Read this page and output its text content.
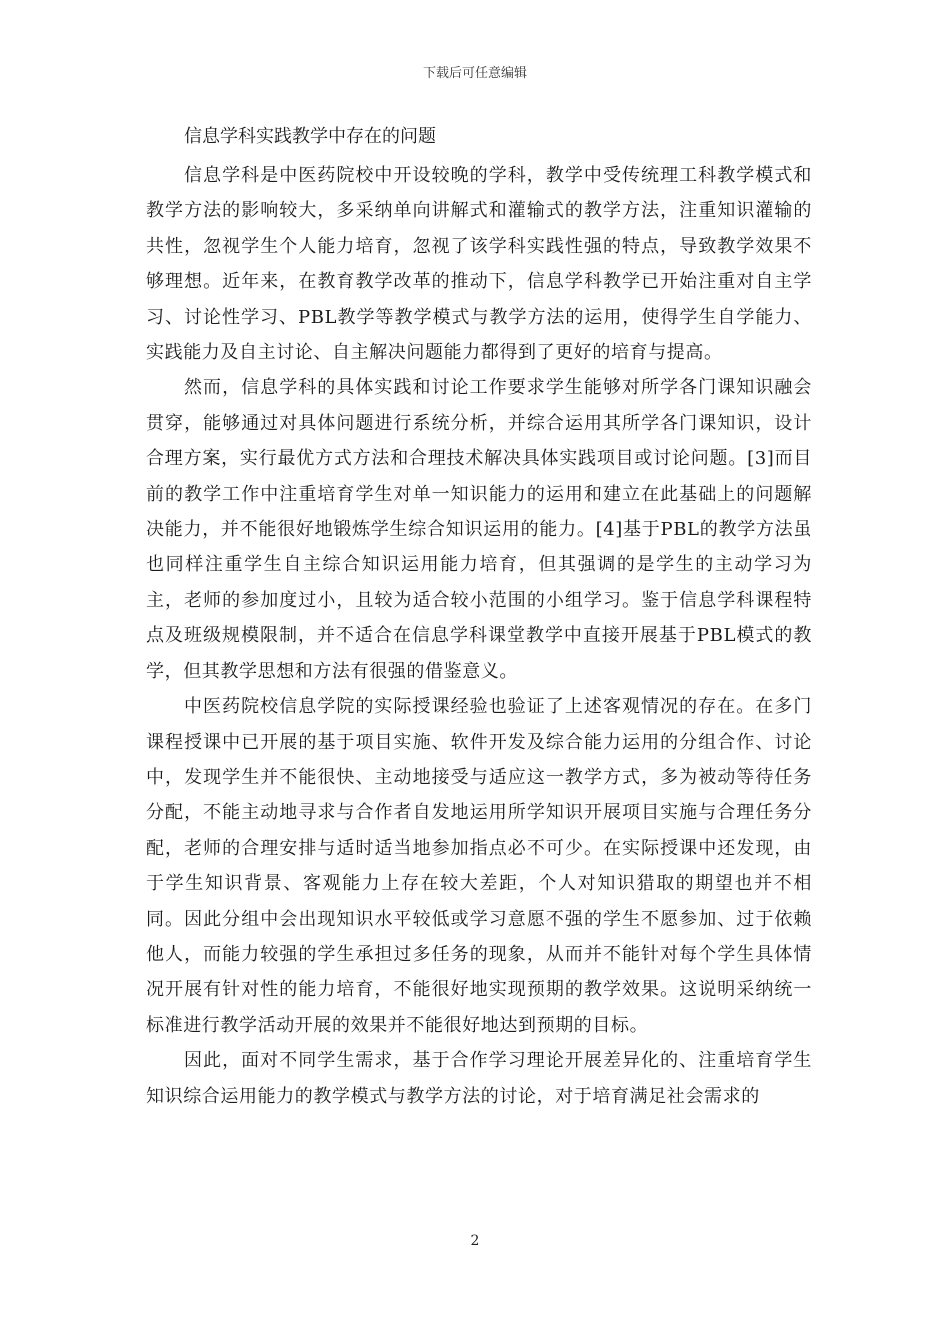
下载后可任意编辑

信息学科实践教学中存在的问题

信息学科是中医药院校中开设较晚的学科，教学中受传统理工科教学模式和教学方法的影响较大，多采纳单向讲解式和灌输式的教学方法，注重知识灌输的共性，忽视学生个人能力培育，忽视了该学科实践性强的特点，导致教学效果不够理想。近年来，在教育教学改革的推动下，信息学科教学已开始注重对自主学习、讨论性学习、PBL教学等教学模式与教学方法的运用，使得学生自学能力、实践能力及自主讨论、自主解决问题能力都得到了更好的培育与提高。

然而，信息学科的具体实践和讨论工作要求学生能够对所学各门课知识融会贯穿，能够通过对具体问题进行系统分析，并综合运用其所学各门课知识，设计合理方案，实行最优方式方法和合理技术解决具体实践项目或讨论问题。[3]而目前的教学工作中注重培育学生对单一知识能力的运用和建立在此基础上的问题解决能力，并不能很好地锻炼学生综合知识运用的能力。[4]基于PBL的教学方法虽也同样注重学生自主综合知识运用能力培育，但其强调的是学生的主动学习为主，老师的参加度过小，且较为适合较小范围的小组学习。鉴于信息学科课程特点及班级规模限制，并不适合在信息学科课堂教学中直接开展基于PBL模式的教学，但其教学思想和方法有很强的借鉴意义。

中医药院校信息学院的实际授课经验也验证了上述客观情况的存在。在多门课程授课中已开展的基于项目实施、软件开发及综合能力运用的分组合作、讨论中，发现学生并不能很快、主动地接受与适应这一教学方式，多为被动等待任务分配，不能主动地寻求与合作者自发地运用所学知识开展项目实施与合理任务分配，老师的合理安排与适时适当地参加指点必不可少。在实际授课中还发现，由于学生知识背景、客观能力上存在较大差距，个人对知识猎取的期望也并不相同。因此分组中会出现知识水平较低或学习意愿不强的学生不愿参加、过于依赖他人，而能力较强的学生承担过多任务的现象，从而并不能针对每个学生具体情况开展有针对性的能力培育，不能很好地实现预期的教学效果。这说明采纳统一标准进行教学活动开展的效果并不能很好地达到预期的目标。

因此，面对不同学生需求，基于合作学习理论开展差异化的、注重培育学生知识综合运用能力的教学模式与教学方法的讨论，对于培育满足社会需求的

2
